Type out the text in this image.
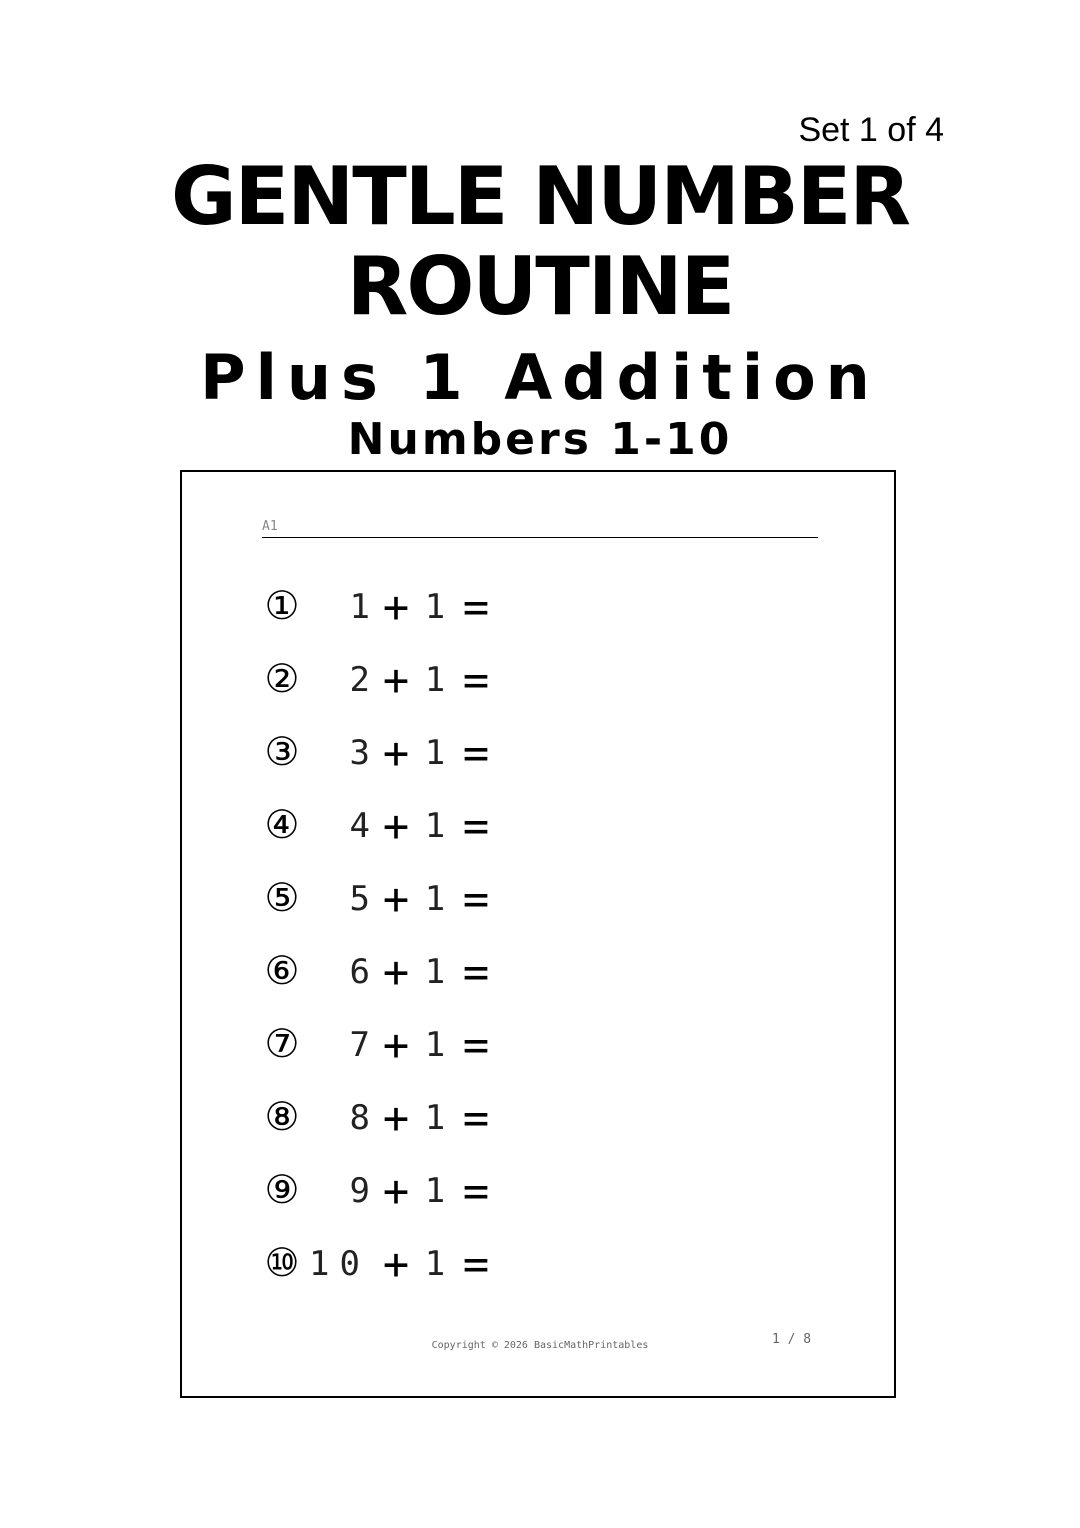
Set 1 of 4
GENTLE NUMBER
ROUTINE
Plus 1 Addition
Numbers 1-10
A1
①	1 + 1 =
②	2 + 1 =
③	3 + 1 =
④	4 + 1 =
⑤	5 + 1 =
⑥	6 + 1 =
⑦	7 + 1 =
⑧	8 + 1 =
⑨	9 + 1 =
⑩ 10 + 1 =
Copyright © 2026 BasicMathPrintables	1 / 8
